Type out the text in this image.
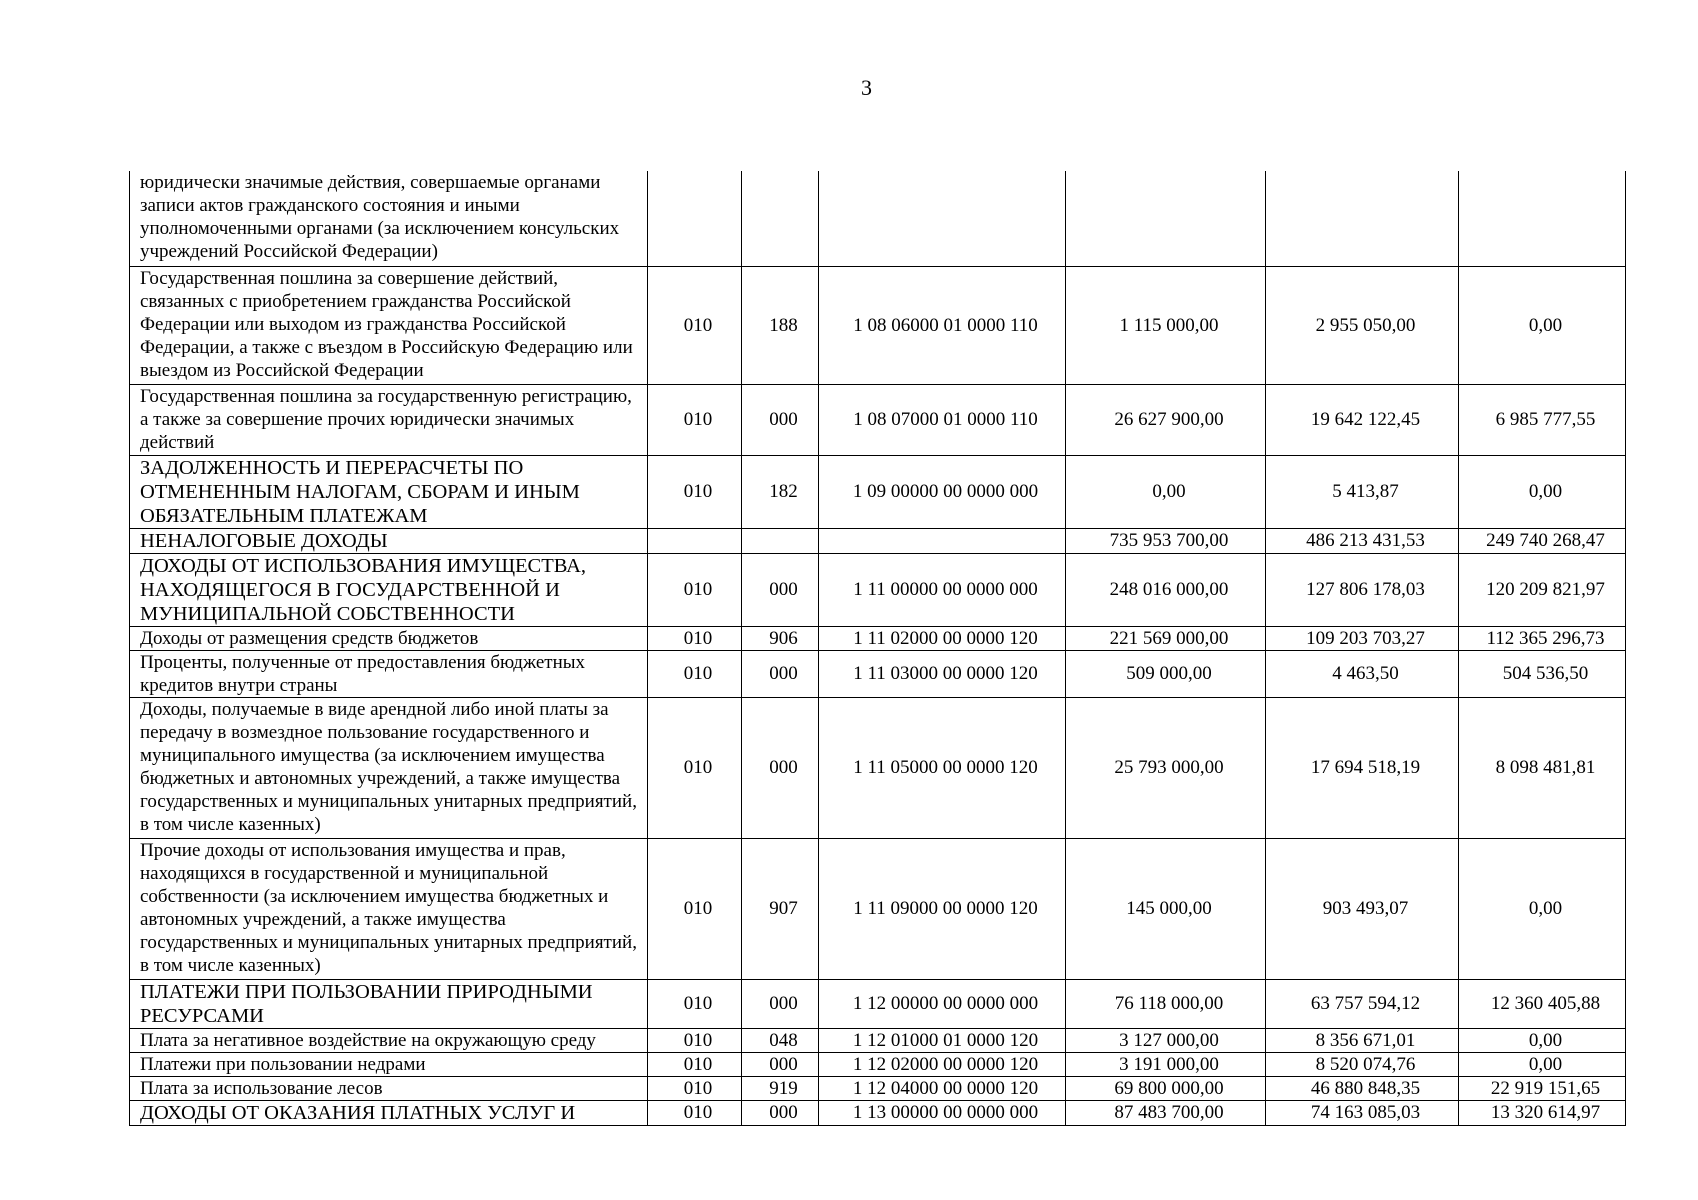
3
юридически значимые действия, совершаемые органами записи актов гражданского состояния и иными уполномоченными органами (за исключением консульских учреждений Российской Федерации)						
Государственная пошлина за совершение действий, связанных с приобретением гражданства Российской Федерации или выходом из гражданства Российской Федерации, а также с въездом в Российскую Федерацию или выездом из Российской Федерации	010	188	1 08 06000 01 0000 110	1 115 000,00	2 955 050,00	0,00
Государственная пошлина за государственную регистрацию, а также за совершение прочих юридически значимых действий	010	000	1 08 07000 01 0000 110	26 627 900,00	19 642 122,45	6 985 777,55
ЗАДОЛЖЕННОСТЬ И ПЕРЕРАСЧЕТЫ ПО ОТМЕНЕННЫМ НАЛОГАМ, СБОРАМ И ИНЫМ ОБЯЗАТЕЛЬНЫМ ПЛАТЕЖАМ	010	182	1 09 00000 00 0000 000	0,00	5 413,87	0,00
НЕНАЛОГОВЫЕ ДОХОДЫ				735 953 700,00	486 213 431,53	249 740 268,47
ДОХОДЫ ОТ ИСПОЛЬЗОВАНИЯ ИМУЩЕСТВА, НАХОДЯЩЕГОСЯ В ГОСУДАРСТВЕННОЙ И МУНИЦИПАЛЬНОЙ СОБСТВЕННОСТИ	010	000	1 11 00000 00 0000 000	248 016 000,00	127 806 178,03	120 209 821,97
Доходы от размещения средств бюджетов	010	906	1 11 02000 00 0000 120	221 569 000,00	109 203 703,27	112 365 296,73
Проценты, полученные от предоставления бюджетных кредитов внутри страны	010	000	1 11 03000 00 0000 120	509 000,00	4 463,50	504 536,50
Доходы, получаемые в виде арендной либо иной платы за передачу в возмездное пользование государственного и муниципального имущества (за исключением имущества бюджетных и автономных учреждений, а также имущества государственных и муниципальных унитарных предприятий, в том числе казенных)	010	000	1 11 05000 00 0000 120	25 793 000,00	17 694 518,19	8 098 481,81
Прочие доходы от использования имущества и прав, находящихся в государственной и муниципальной собственности (за исключением имущества бюджетных и автономных учреждений, а также имущества государственных и муниципальных унитарных предприятий, в том числе казенных)	010	907	1 11 09000 00 0000 120	145 000,00	903 493,07	0,00
ПЛАТЕЖИ ПРИ ПОЛЬЗОВАНИИ ПРИРОДНЫМИ РЕСУРСАМИ	010	000	1 12 00000 00 0000 000	76 118 000,00	63 757 594,12	12 360 405,88
Плата за негативное воздействие на окружающую среду	010	048	1 12 01000 01 0000 120	3 127 000,00	8 356 671,01	0,00
Платежи при пользовании недрами	010	000	1 12 02000 00 0000 120	3 191 000,00	8 520 074,76	0,00
Плата за использование лесов	010	919	1 12 04000 00 0000 120	69 800 000,00	46 880 848,35	22 919 151,65
ДОХОДЫ ОТ ОКАЗАНИЯ ПЛАТНЫХ УСЛУГ И	010	000	1 13 00000 00 0000 000	87 483 700,00	74 163 085,03	13 320 614,97
